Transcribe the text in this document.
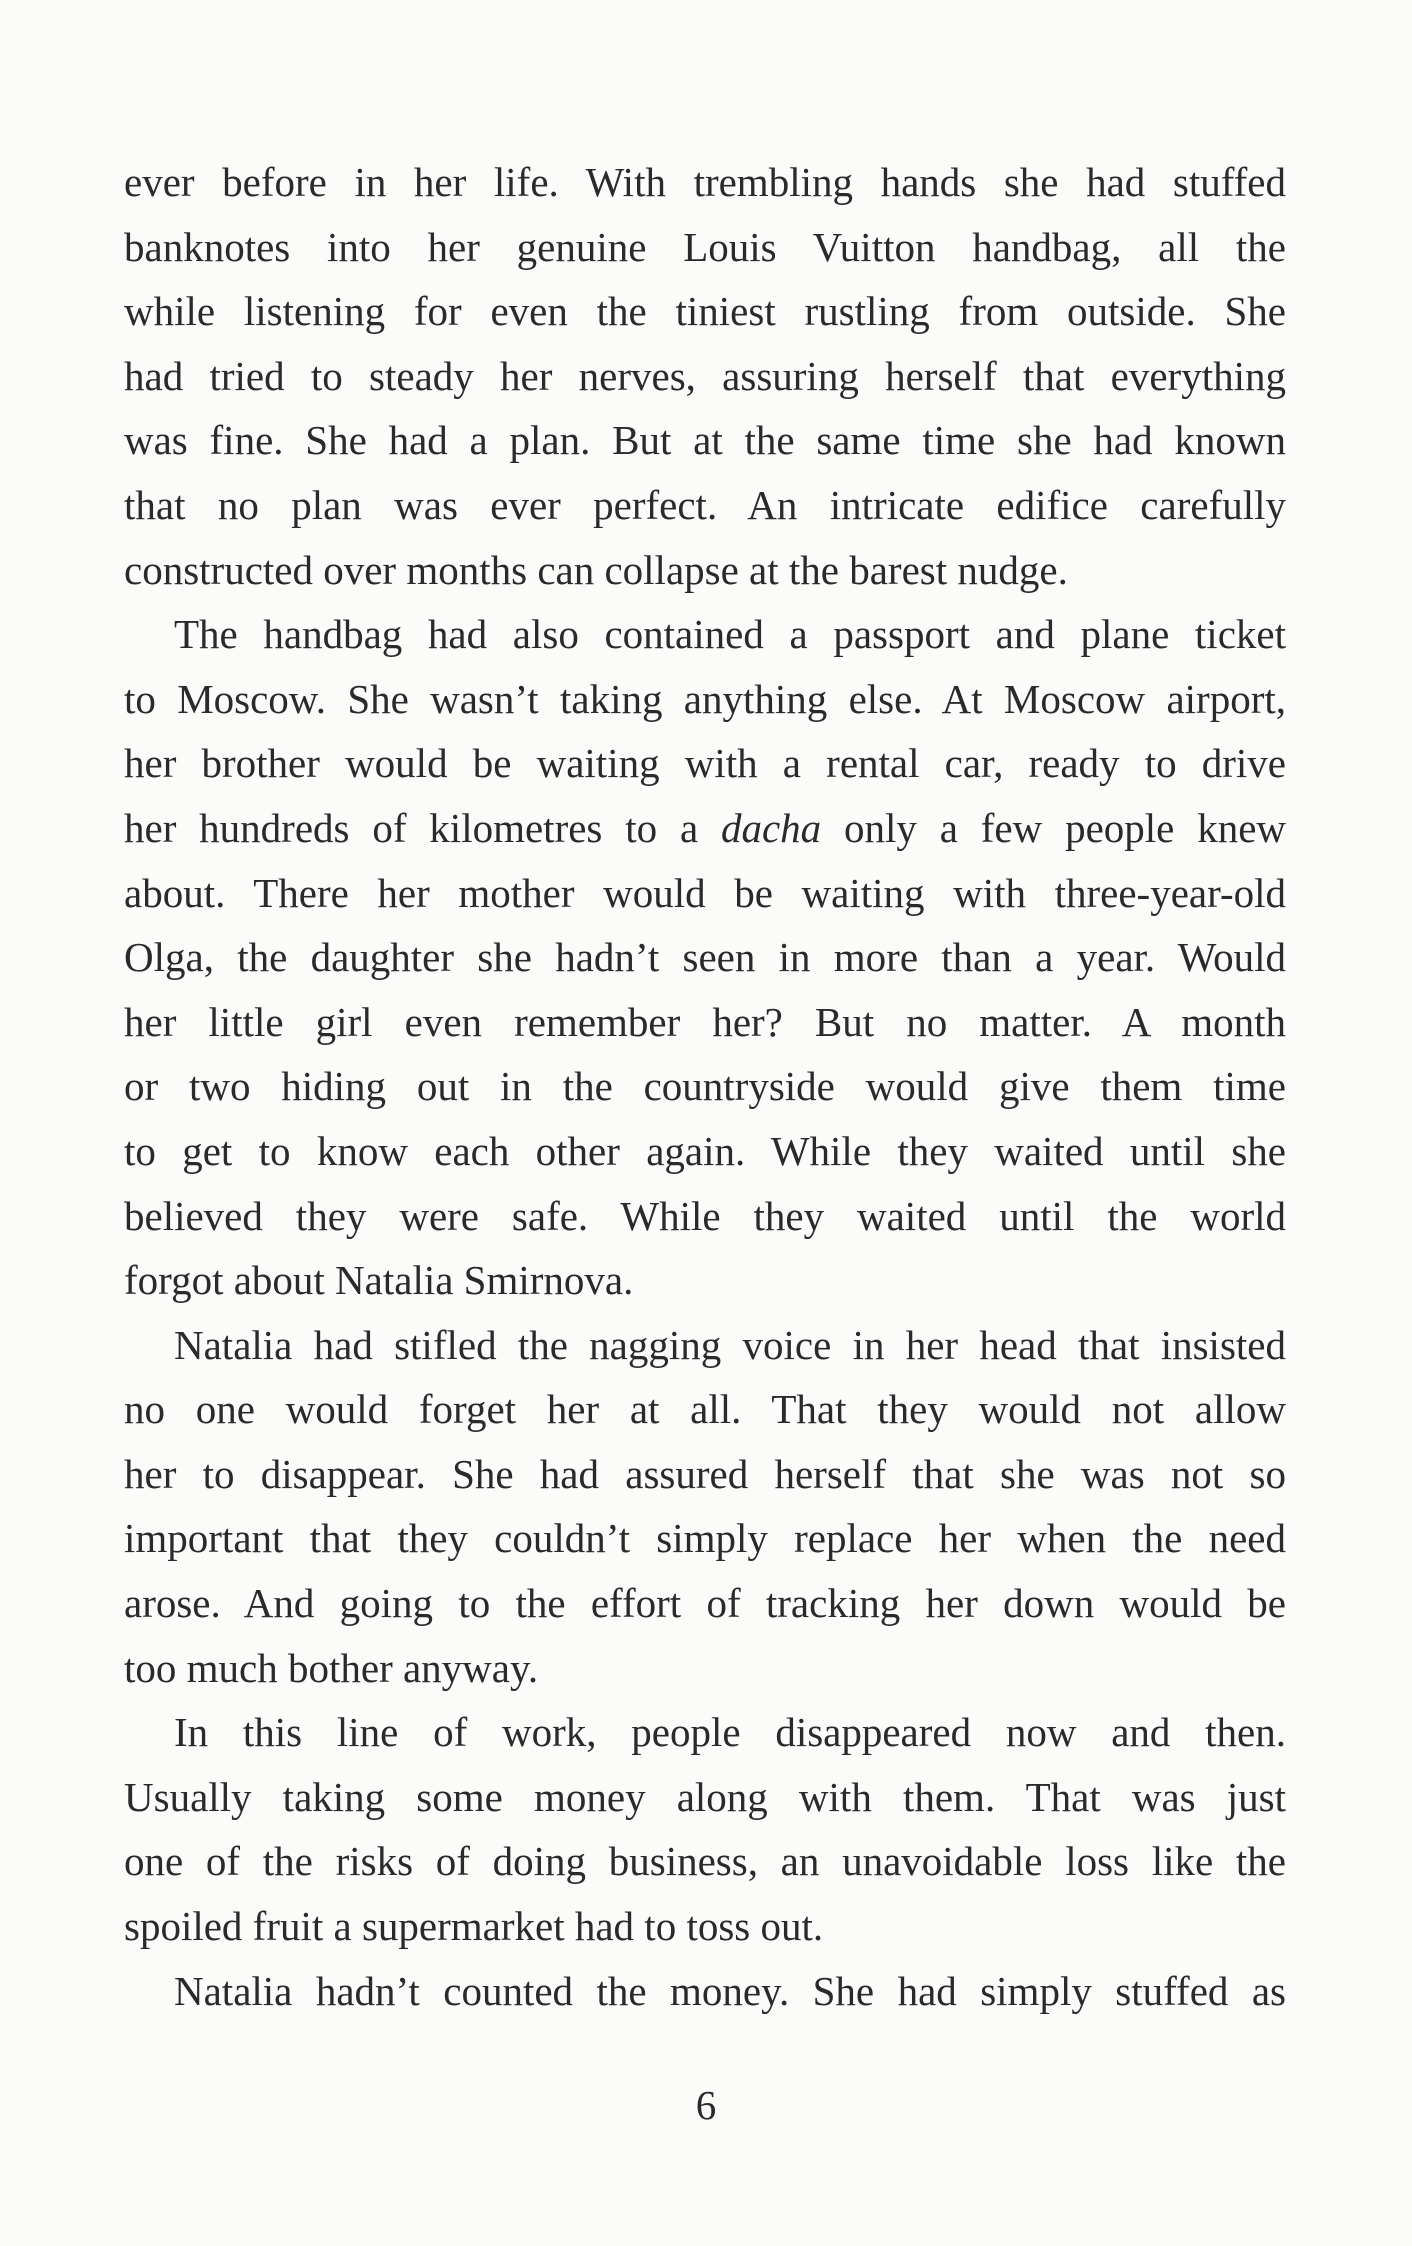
ever before in her life. With trembling hands she had stuffed
banknotes into her genuine Louis Vuitton handbag, all the
while listening for even the tiniest rustling from outside. She
had tried to steady her nerves, assuring herself that everything
was fine. She had a plan. But at the same time she had known
that no plan was ever perfect. An intricate edifice carefully
constructed over months can collapse at the barest nudge.
The handbag had also contained a passport and plane ticket
to Moscow. She wasn’t taking anything else. At Moscow airport,
her brother would be waiting with a rental car, ready to drive
her hundreds of kilometres to a dacha only a few people knew
about. There her mother would be waiting with three-year-old
Olga, the daughter she hadn’t seen in more than a year. Would
her little girl even remember her? But no matter. A month
or two hiding out in the countryside would give them time
to get to know each other again. While they waited until she
believed they were safe. While they waited until the world
forgot about Natalia Smirnova.
Natalia had stifled the nagging voice in her head that insisted
no one would forget her at all. That they would not allow
her to disappear. She had assured herself that she was not so
important that they couldn’t simply replace her when the need
arose. And going to the effort of tracking her down would be
too much bother anyway.
In this line of work, people disappeared now and then.
Usually taking some money along with them. That was just
one of the risks of doing business, an unavoidable loss like the
spoiled fruit a supermarket had to toss out.
Natalia hadn’t counted the money. She had simply stuffed as
6
